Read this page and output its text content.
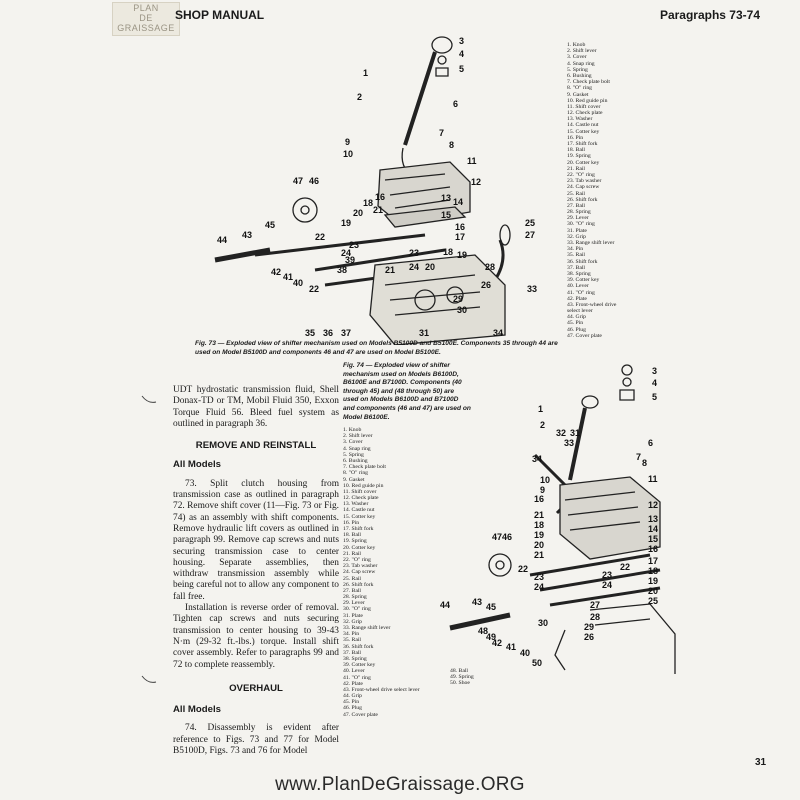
PLAN
DE
GRAISSAGE
SHOP MANUAL	Paragraphs 73-74
3
4
5
1
2
6
7
8
9
10
11
12
13 14
15
47 46
45
43
44
16
17
18 19
20
18
16
21
19
22
24
23
23
24 20
21
39
38
22
42 41
40
25
27
33
28
26
29
30
35 36 37	31	34
1. Knob
2. Shift lever
3. Cover
4. Snap ring
5. Spring
6. Bushing
7. Check plate bolt
8. "O" ring
9. Gasket
10. Red guide pin
11. Shift cover
12. Check plate
13. Washer
14. Castle nut
15. Cotter key
16. Pin
17. Shift fork
18. Ball
19. Spring
20. Cotter key
21. Rail
22. "O" ring
23. Tab washer
24. Cap screw
25. Rail
26. Shift fork
27. Ball
28. Spring
29. Lever
30. "O" ring
31. Plate
32. Grip
33. Range shift lever
34. Pin
35. Rail
36. Shift fork
37. Ball
38. Spring
39. Cotter key
40. Lever
41. "O" ring
42. Plate
43. Front-wheel drive
select lever
44. Grip
45. Pin
46. Plug
47. Cover plate
Fig. 73 — Exploded view of shifter mechanism used on Models B5100D and B5100E. Components 35 through 44 are used on Model B5100D and components 46 and 47 are used on Model B5100E.

UDT hydrostatic transmission fluid, Shell Donax-TD or TM, Mobil Fluid 350, Exxon Torque Fluid 56. Bleed fuel system as outlined in paragraph 36.

REMOVE AND REINSTALL
All Models

73. Split clutch housing from transmission case as outlined in paragraph 72. Remove shift cover (11—Fig. 73 or Fig. 74) as an assembly with shift components. Remove hydraulic lift covers as outlined in paragraph 99. Remove cap screws and nuts securing transmission case to center housing. Separate assemblies, then withdraw transmission assembly while being careful not to allow any component to fall free.

Installation is reverse order of removal. Tighten cap screws and nuts securing transmission to center housing to 39-43 N·m (29-32 ft.-lbs.) torque. Install shift cover assembly. Refer to paragraphs 99 and 72 to complete reassembly.

OVERHAUL
All Models

74. Disassembly is evident after reference to Figs. 73 and 77 for Model B5100D, Figs. 73 and 76 for Model

Fig. 74 — Exploded view of shifter mechanism used on Models B6100D, B6100E and B7100D. Components (40 through 45) and (48 through 50) are used on Models B6100D and B7100D and components (46 and 47) are used on Model B6100E.
1. Knob
2. Shift lever
3. Cover
4. Snap ring
5. Spring
6. Bushing
7. Check plate bolt
8. "O" ring
9. Gasket
10. Red guide pin
11. Shift cover
12. Check plate
13. Washer
14. Castle nut
15. Cotter key
16. Pin
17. Shift fork
18. Ball
19. Spring
20. Cotter key
21. Rail
22. "O" ring
23. Tab washer
24. Cap screw
25. Rail
26. Shift fork
27. Ball
28. Spring
29. Lever
30. "O" ring
31. Plate
32. Grip
33. Range shift lever
34. Pin
35. Rail
36. Shift fork
37. Ball
38. Spring
39. Cotter key
40. Lever
41. "O" ring
42. Plate
43. Front-wheel drive select lever
44. Grip
45. Pin
46. Plug
47. Cover plate
48. Ball
49. Spring
50. Shoe
3
4
5
1
2
32 31
6
7
8
34
33
10
9
11
16
21
18
19
20
21
12
13
14
15
16
17
18
19
20
25
47 46
22
23
24
23
24
22
27
28
29
26
30
44 43 45
49
48
42 41
40
50
31
www.PlanDeGraissage.ORG
